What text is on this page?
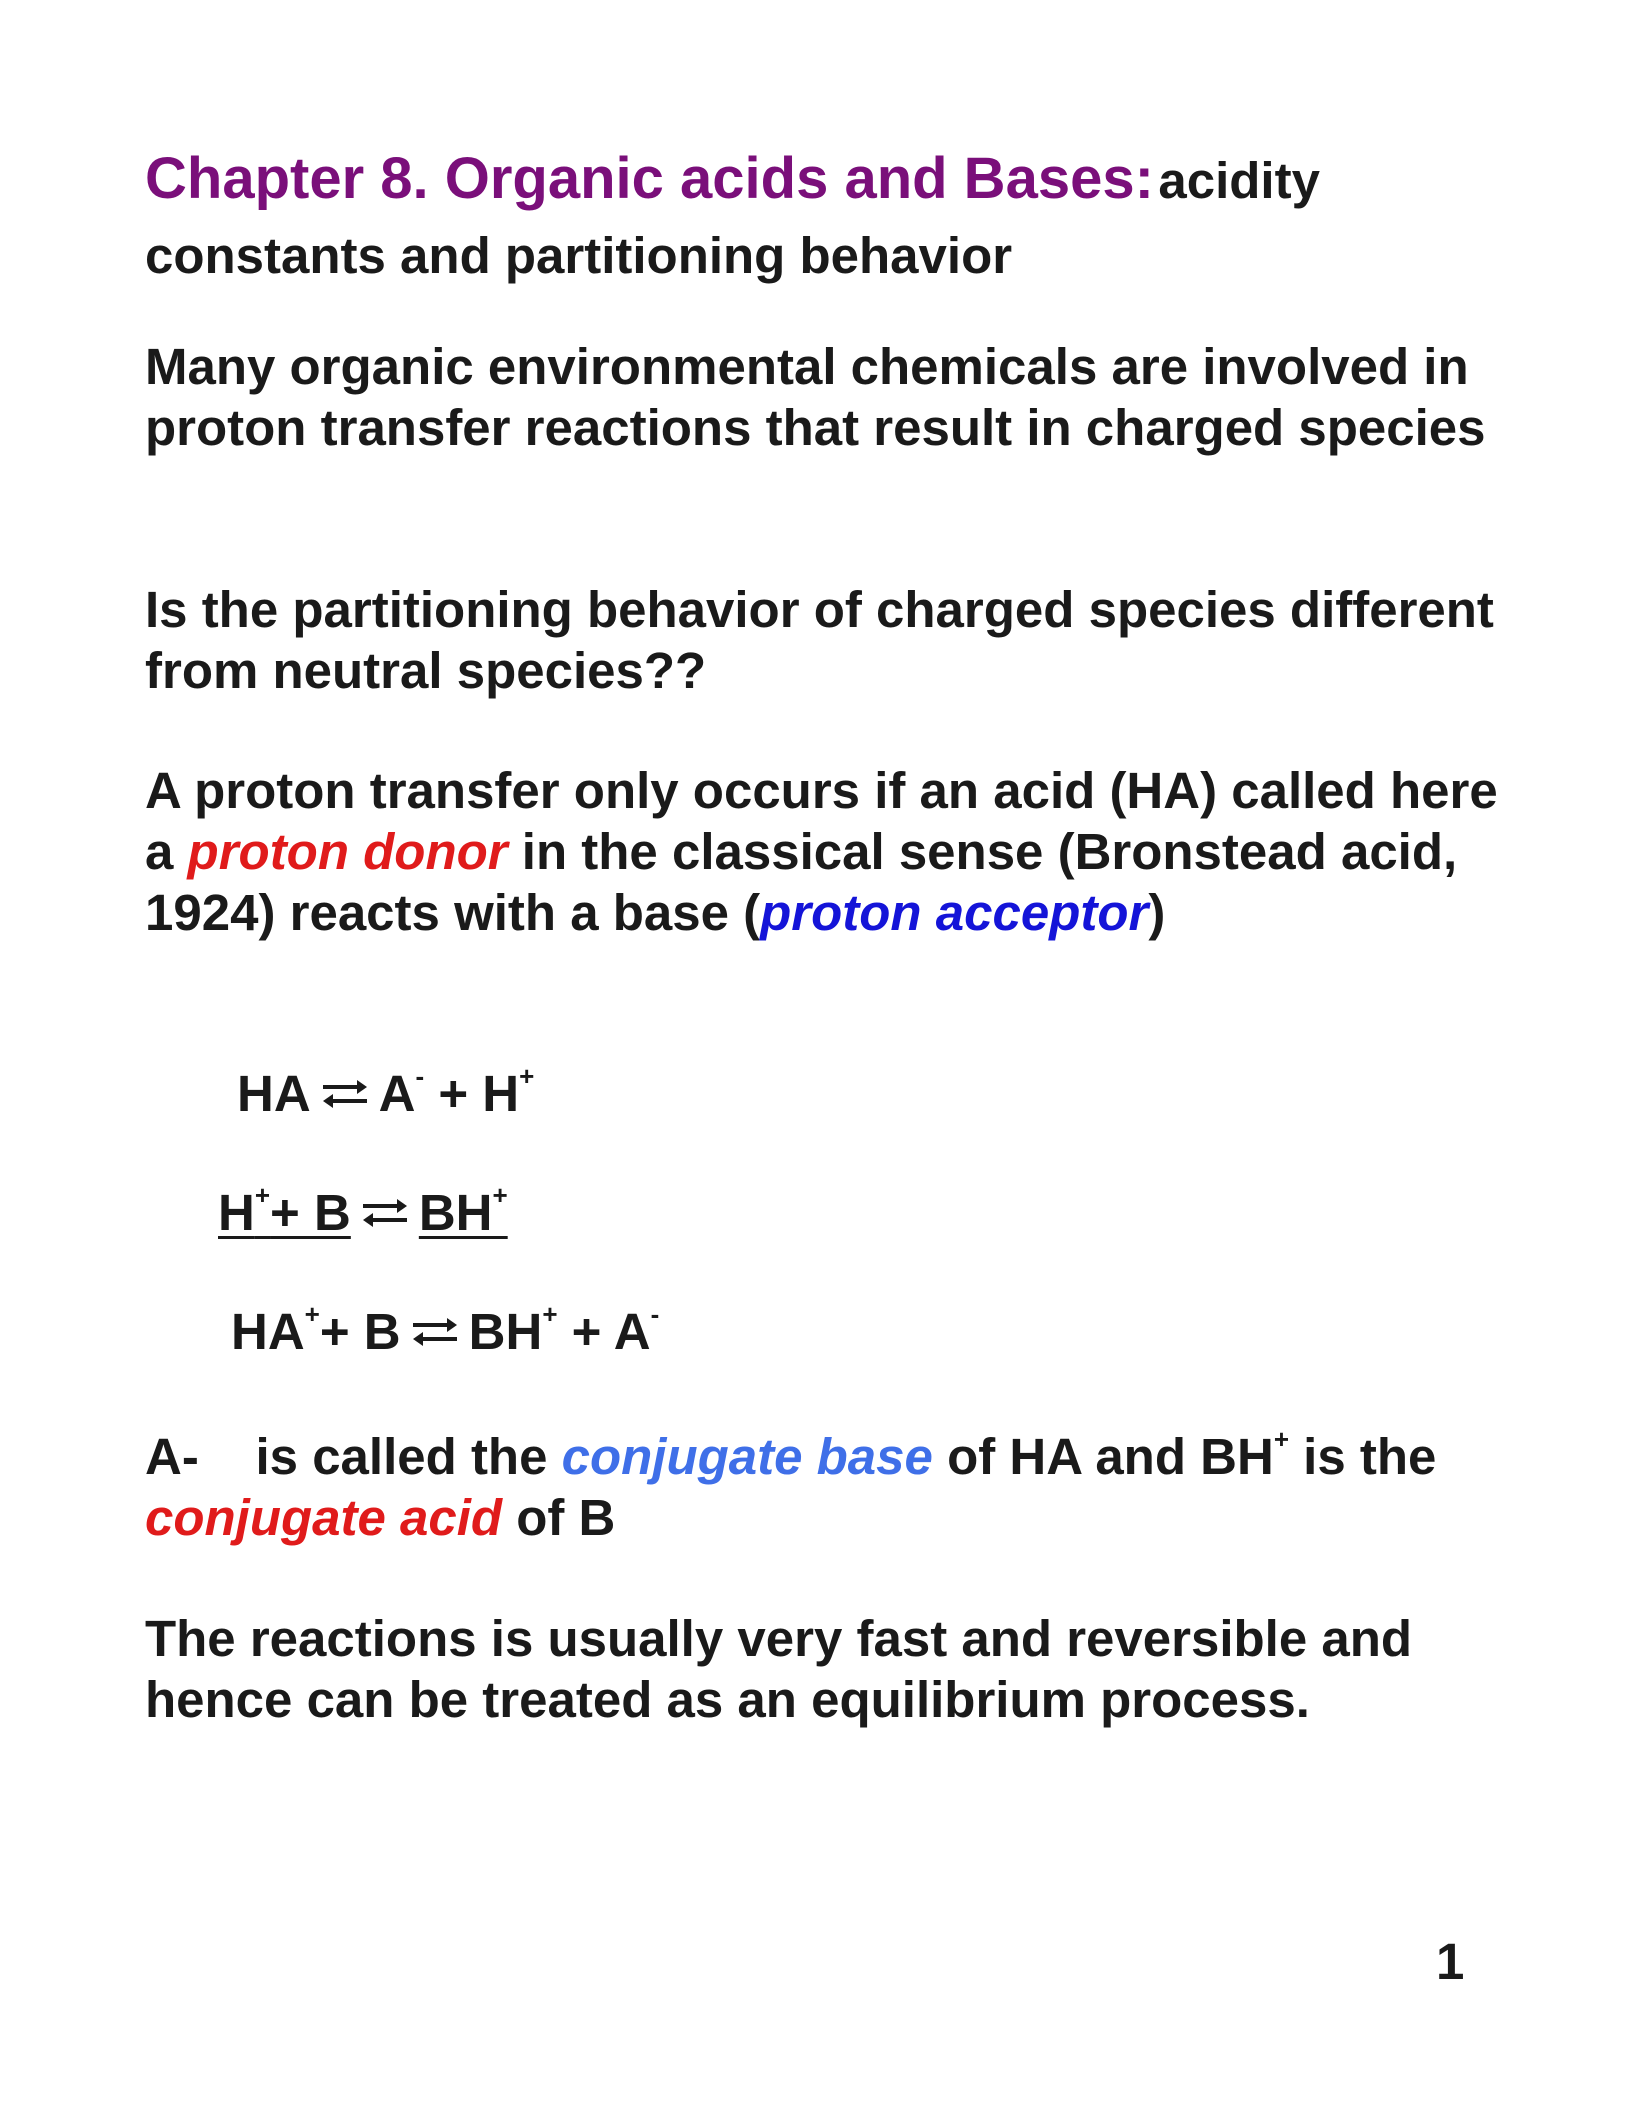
Chapter 8. Organic acids and Bases: acidity constants and partitioning behavior
Many organic environmental chemicals are involved in proton transfer reactions that result in charged species
Is the partitioning behavior of charged species different from neutral species??
A proton transfer only occurs if an acid (HA) called here a proton donor in the classical sense (Bronstead acid, 1924) reacts with a base (proton acceptor)
HA ⇌ A- + H+
H++ B ⇌ BH+
HA++ B ⇌ BH+ + A-
A-    is called the conjugate base of HA and BH+ is the conjugate acid of B
The reactions is usually very fast and reversible and hence can be treated as an equilibrium process.
1
